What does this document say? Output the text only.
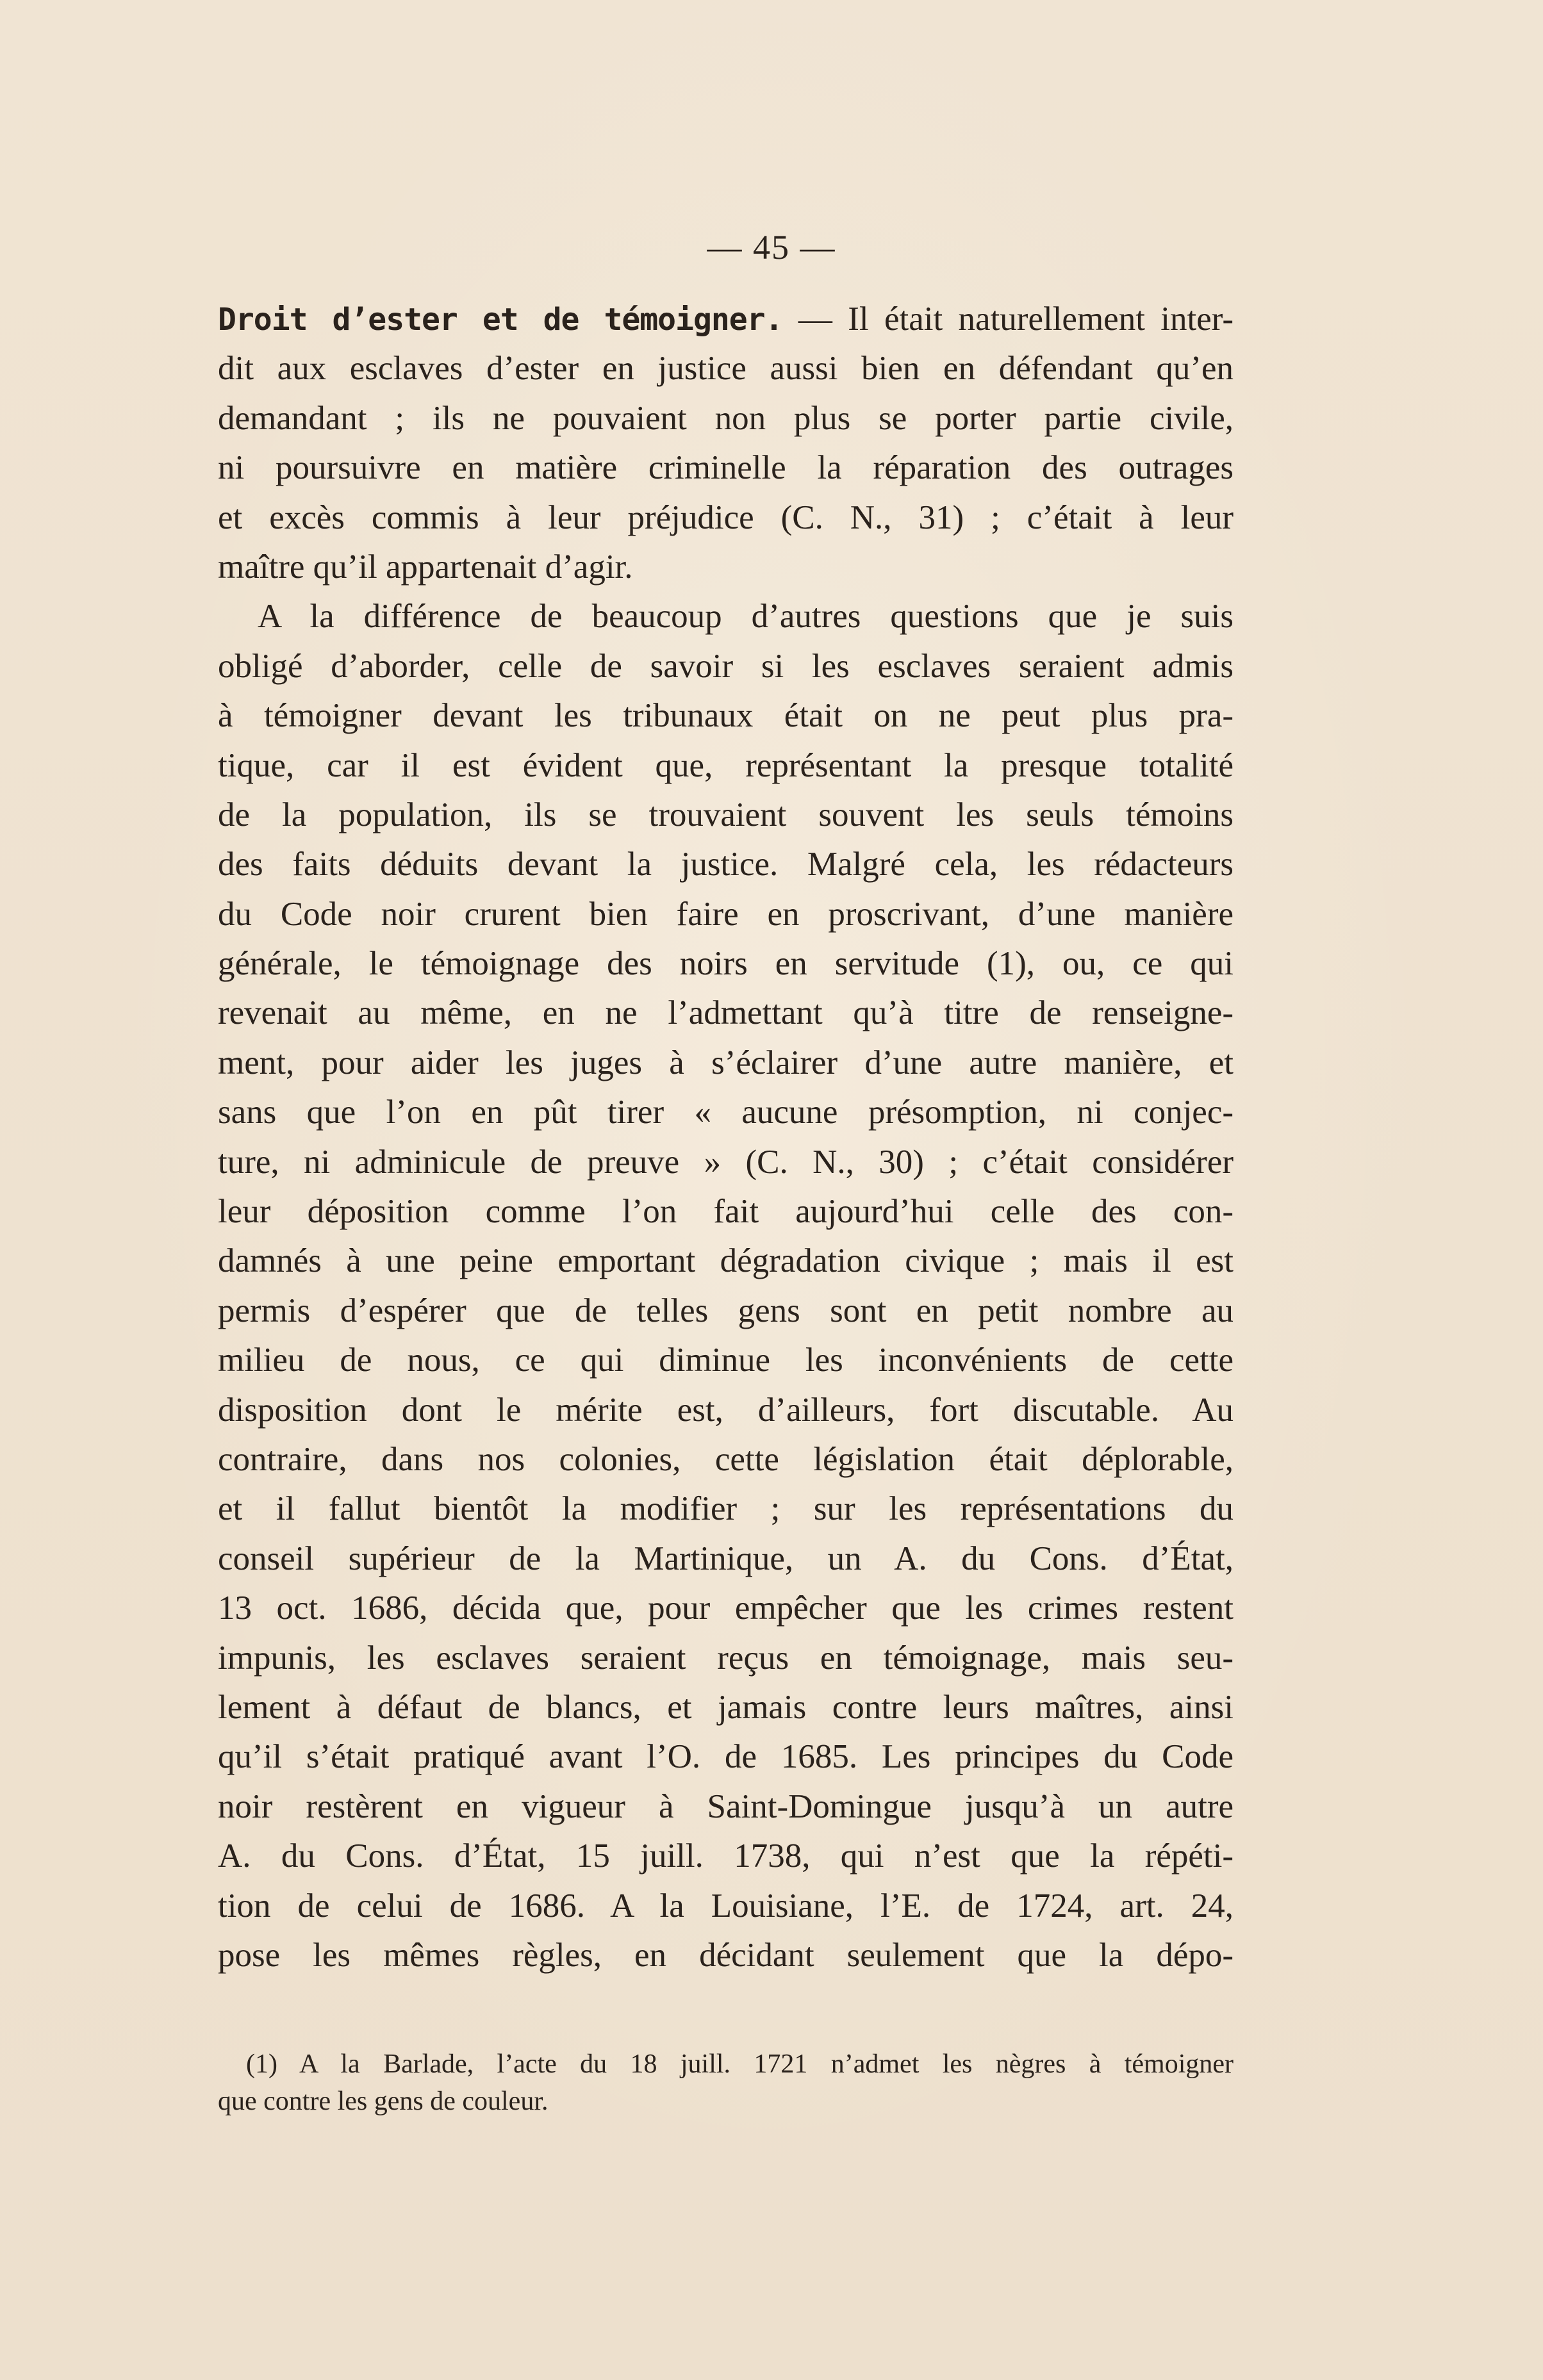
— 45 —
Droit d’ester et de témoigner. — Il était naturellement inter-
dit aux esclaves d’ester en justice aussi bien en défendant qu’en
demandant ; ils ne pouvaient non plus se porter partie civile,
ni poursuivre en matière criminelle la réparation des outrages
et excès commis à leur préjudice (C. N., 31) ; c’était à leur
maître qu’il appartenait d’agir.
A la différence de beaucoup d’autres questions que je suis
obligé d’aborder, celle de savoir si les esclaves seraient admis
à témoigner devant les tribunaux était on ne peut plus pra-
tique, car il est évident que, représentant la presque totalité
de la population, ils se trouvaient souvent les seuls témoins
des faits déduits devant la justice. Malgré cela, les rédacteurs
du Code noir crurent bien faire en proscrivant, d’une manière
générale, le témoignage des noirs en servitude (1), ou, ce qui
revenait au même, en ne l’admettant qu’à titre de renseigne-
ment, pour aider les juges à s’éclairer d’une autre manière, et
sans que l’on en pût tirer « aucune présomption, ni conjec-
ture, ni adminicule de preuve » (C. N., 30) ; c’était considérer
leur déposition comme l’on fait aujourd’hui celle des con-
damnés à une peine emportant dégradation civique ; mais il est
permis d’espérer que de telles gens sont en petit nombre au
milieu de nous, ce qui diminue les inconvénients de cette
disposition dont le mérite est, d’ailleurs, fort discutable. Au
contraire, dans nos colonies, cette législation était déplorable,
et il fallut bientôt la modifier ; sur les représentations du
conseil supérieur de la Martinique, un A. du Cons. d’État,
13 oct. 1686, décida que, pour empêcher que les crimes restent
impunis, les esclaves seraient reçus en témoignage, mais seu-
lement à défaut de blancs, et jamais contre leurs maîtres, ainsi
qu’il s’était pratiqué avant l’O. de 1685. Les principes du Code
noir restèrent en vigueur à Saint-Domingue jusqu’à un autre
A. du Cons. d’État, 15 juill. 1738, qui n’est que la répéti-
tion de celui de 1686. A la Louisiane, l’E. de 1724, art. 24,
pose les mêmes règles, en décidant seulement que la dépo-
(1) A la Barlade, l’acte du 18 juill. 1721 n’admet les nègres à témoigner
que contre les gens de couleur.
